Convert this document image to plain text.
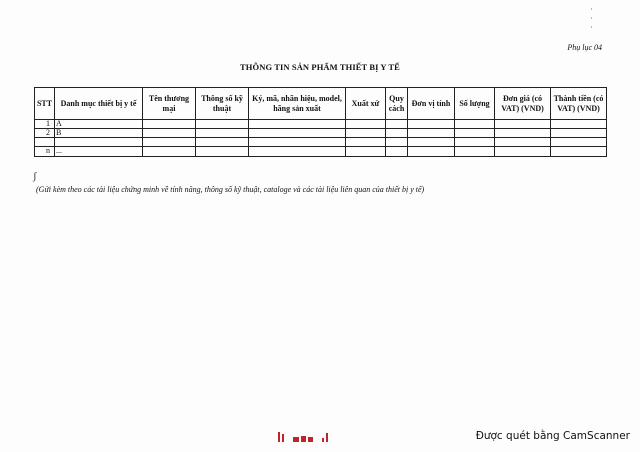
˙
˙
˙
Phụ lục 04
THÔNG TIN SẢN PHẨM THIẾT BỊ Y TẾ
STT	Danh mục thiết bị y tế	Tên thương mại	Thông số kỹ thuật	Ký, mã, nhãn hiệu, model, hãng sản xuất	Xuất xứ	Quy cách	Đơn vị tính	Số lượng	Đơn giá (có VAT) (VND)	Thành tiền (có VAT) (VND)
1	A									
2	B									

n	...									
ʃ
(Gửi kèm theo các tài liệu chứng minh về tính năng, thông số kỹ thuật, cataloge và các tài liệu liên quan của thiết bị y tế)

Được quét bằng CamScanner
